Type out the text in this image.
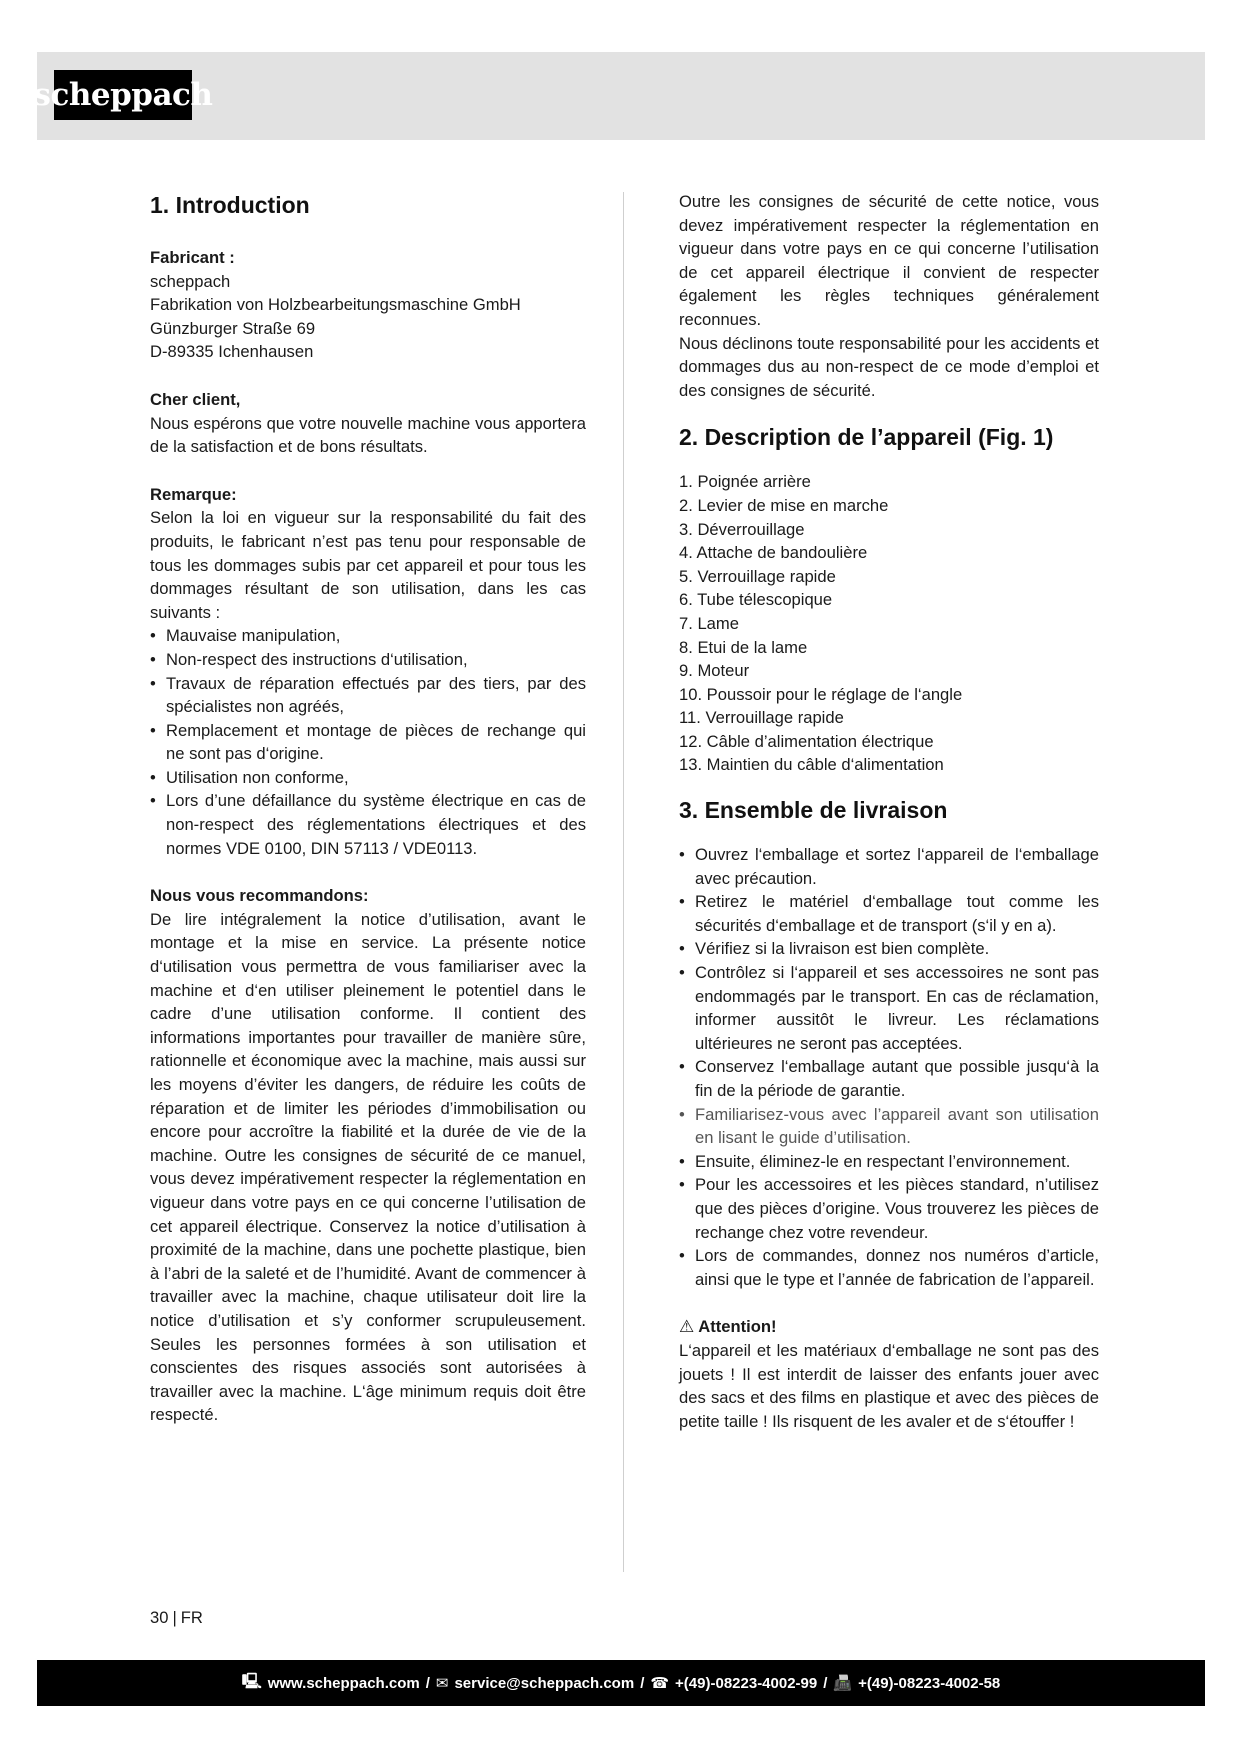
scheppach
1. Introduction
Fabricant :
scheppach
Fabrikation von Holzbearbeitungsmaschine GmbH
Günzburger Straße 69
D-89335 Ichenhausen
Cher client,

Nous espérons que votre nouvelle machine vous apportera de la satisfaction et de bons résultats.

Remarque:

Selon la loi en vigueur sur la responsabilité du fait des produits, le fabricant n’est pas tenu pour responsable de tous les dommages subis par cet appareil et pour tous les dommages résultant de son utilisation, dans les cas suivants :

• Mauvaise manipulation,
• Non-respect des instructions d‘utilisation,
• Travaux de réparation effectués par des tiers, par des spécialistes non agréés,
• Remplacement et montage de pièces de rechange qui ne sont pas d‘origine.
• Utilisation non conforme,
• Lors d’une défaillance du système électrique en cas de non-respect des réglementations électriques et des normes VDE 0100, DIN 57113 / VDE0113.
Nous vous recommandons:

De lire intégralement la notice d’utilisation, avant le montage et la mise en service. La présente notice d‘utilisation vous permettra de vous familiariser avec la machine et d‘en utiliser pleinement le potentiel dans le cadre d’une utilisation conforme. Il contient des informations importantes pour travailler de manière sûre, rationnelle et économique avec la machine, mais aussi sur les moyens d’éviter les dangers, de réduire les coûts de réparation et de limiter les périodes d’immobilisation ou encore pour accroître la fiabilité et la durée de vie de la machine. Outre les consignes de sécurité de ce manuel, vous devez impérativement respecter la réglementation en vigueur dans votre pays en ce qui concerne l’utilisation de cet appareil électrique. Conservez la notice d’utilisation à proximité de la machine, dans une pochette plastique, bien à l’abri de la saleté et de l’humidité. Avant de commencer à travailler avec la machine, chaque utilisateur doit lire la notice d’utilisation et s’y conformer scrupuleusement. Seules les personnes formées à son utilisation et conscientes des risques associés sont autorisées à travailler avec la machine. L‘âge minimum requis doit être respecté.

Outre les consignes de sécurité de cette notice, vous devez impérativement respecter la réglementation en vigueur dans votre pays en ce qui concerne l’utilisation de cet appareil électrique il convient de respecter également les règles techniques généralement reconnues.

Nous déclinons toute responsabilité pour les accidents et dommages dus au non-respect de ce mode d’emploi et des consignes de sécurité.

2. Description de l’appareil (Fig. 1)
1. Poignée arrière
2. Levier de mise en marche
3. Déverrouillage
4. Attache de bandoulière
5. Verrouillage rapide
6. Tube télescopique
7. Lame
8. Etui de la lame
9. Moteur
10. Poussoir pour le réglage de l‘angle
11. Verrouillage rapide
12. Câble d’alimentation électrique
13. Maintien du câble d‘alimentation
3. Ensemble de livraison
• Ouvrez l‘emballage et sortez l‘appareil de l‘emballage avec précaution.
• Retirez le matériel d‘emballage tout comme les sécurités d‘emballage et de transport (s‘il y en a).
• Vérifiez si la livraison est bien complète.
• Contrôlez si l‘appareil et ses accessoires ne sont pas endommagés par le transport. En cas de réclamation, informer aussitôt le livreur. Les réclamations ultérieures ne seront pas acceptées.
• Conservez l‘emballage autant que possible jusqu‘à la fin de la période de garantie.
• Familiarisez-vous avec l’appareil avant son utilisation en lisant le guide d’utilisation.
• Ensuite, éliminez-le en respectant l’environnement.
• Pour les accessoires et les pièces standard, n’utilisez que des pièces d’origine. Vous trouverez les pièces de rechange chez votre revendeur.
• Lors de commandes, donnez nos numéros d’article, ainsi que le type et l’année de fabrication de l’appareil.
⚠ Attention!

L‘appareil et les matériaux d‘emballage ne sont pas des jouets ! Il est interdit de laisser des enfants jouer avec des sacs et des films en plastique et avec des pièces de petite taille ! Ils risquent de les avaler et de s‘étouffer !

30 | FR
🖳 www.scheppach.com / ✉ service@scheppach.com / ☎ +(49)-08223-4002-99 / 📠 +(49)-08223-4002-58
